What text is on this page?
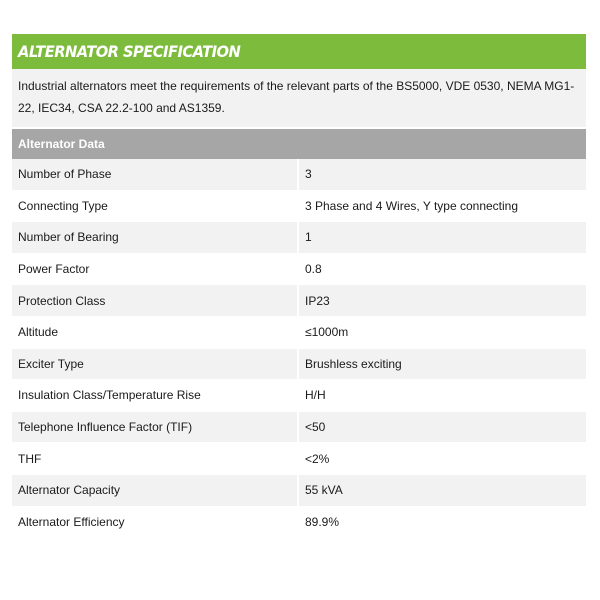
ALTERNATOR SPECIFICATION
Industrial alternators meet the requirements of the relevant parts of the BS5000, VDE 0530, NEMA MG1-22, IEC34, CSA 22.2-100 and AS1359.
Alternator Data
Number of Phase	3
Connecting Type	3 Phase and 4 Wires, Y type connecting
Number of Bearing	1
Power Factor	0.8
Protection Class	IP23
Altitude	≤1000m
Exciter Type	Brushless exciting
Insulation Class/Temperature Rise	H/H
Telephone Influence Factor (TIF)	<50
THF	<2%
Alternator Capacity	55 kVA
Alternator Efficiency	89.9%
